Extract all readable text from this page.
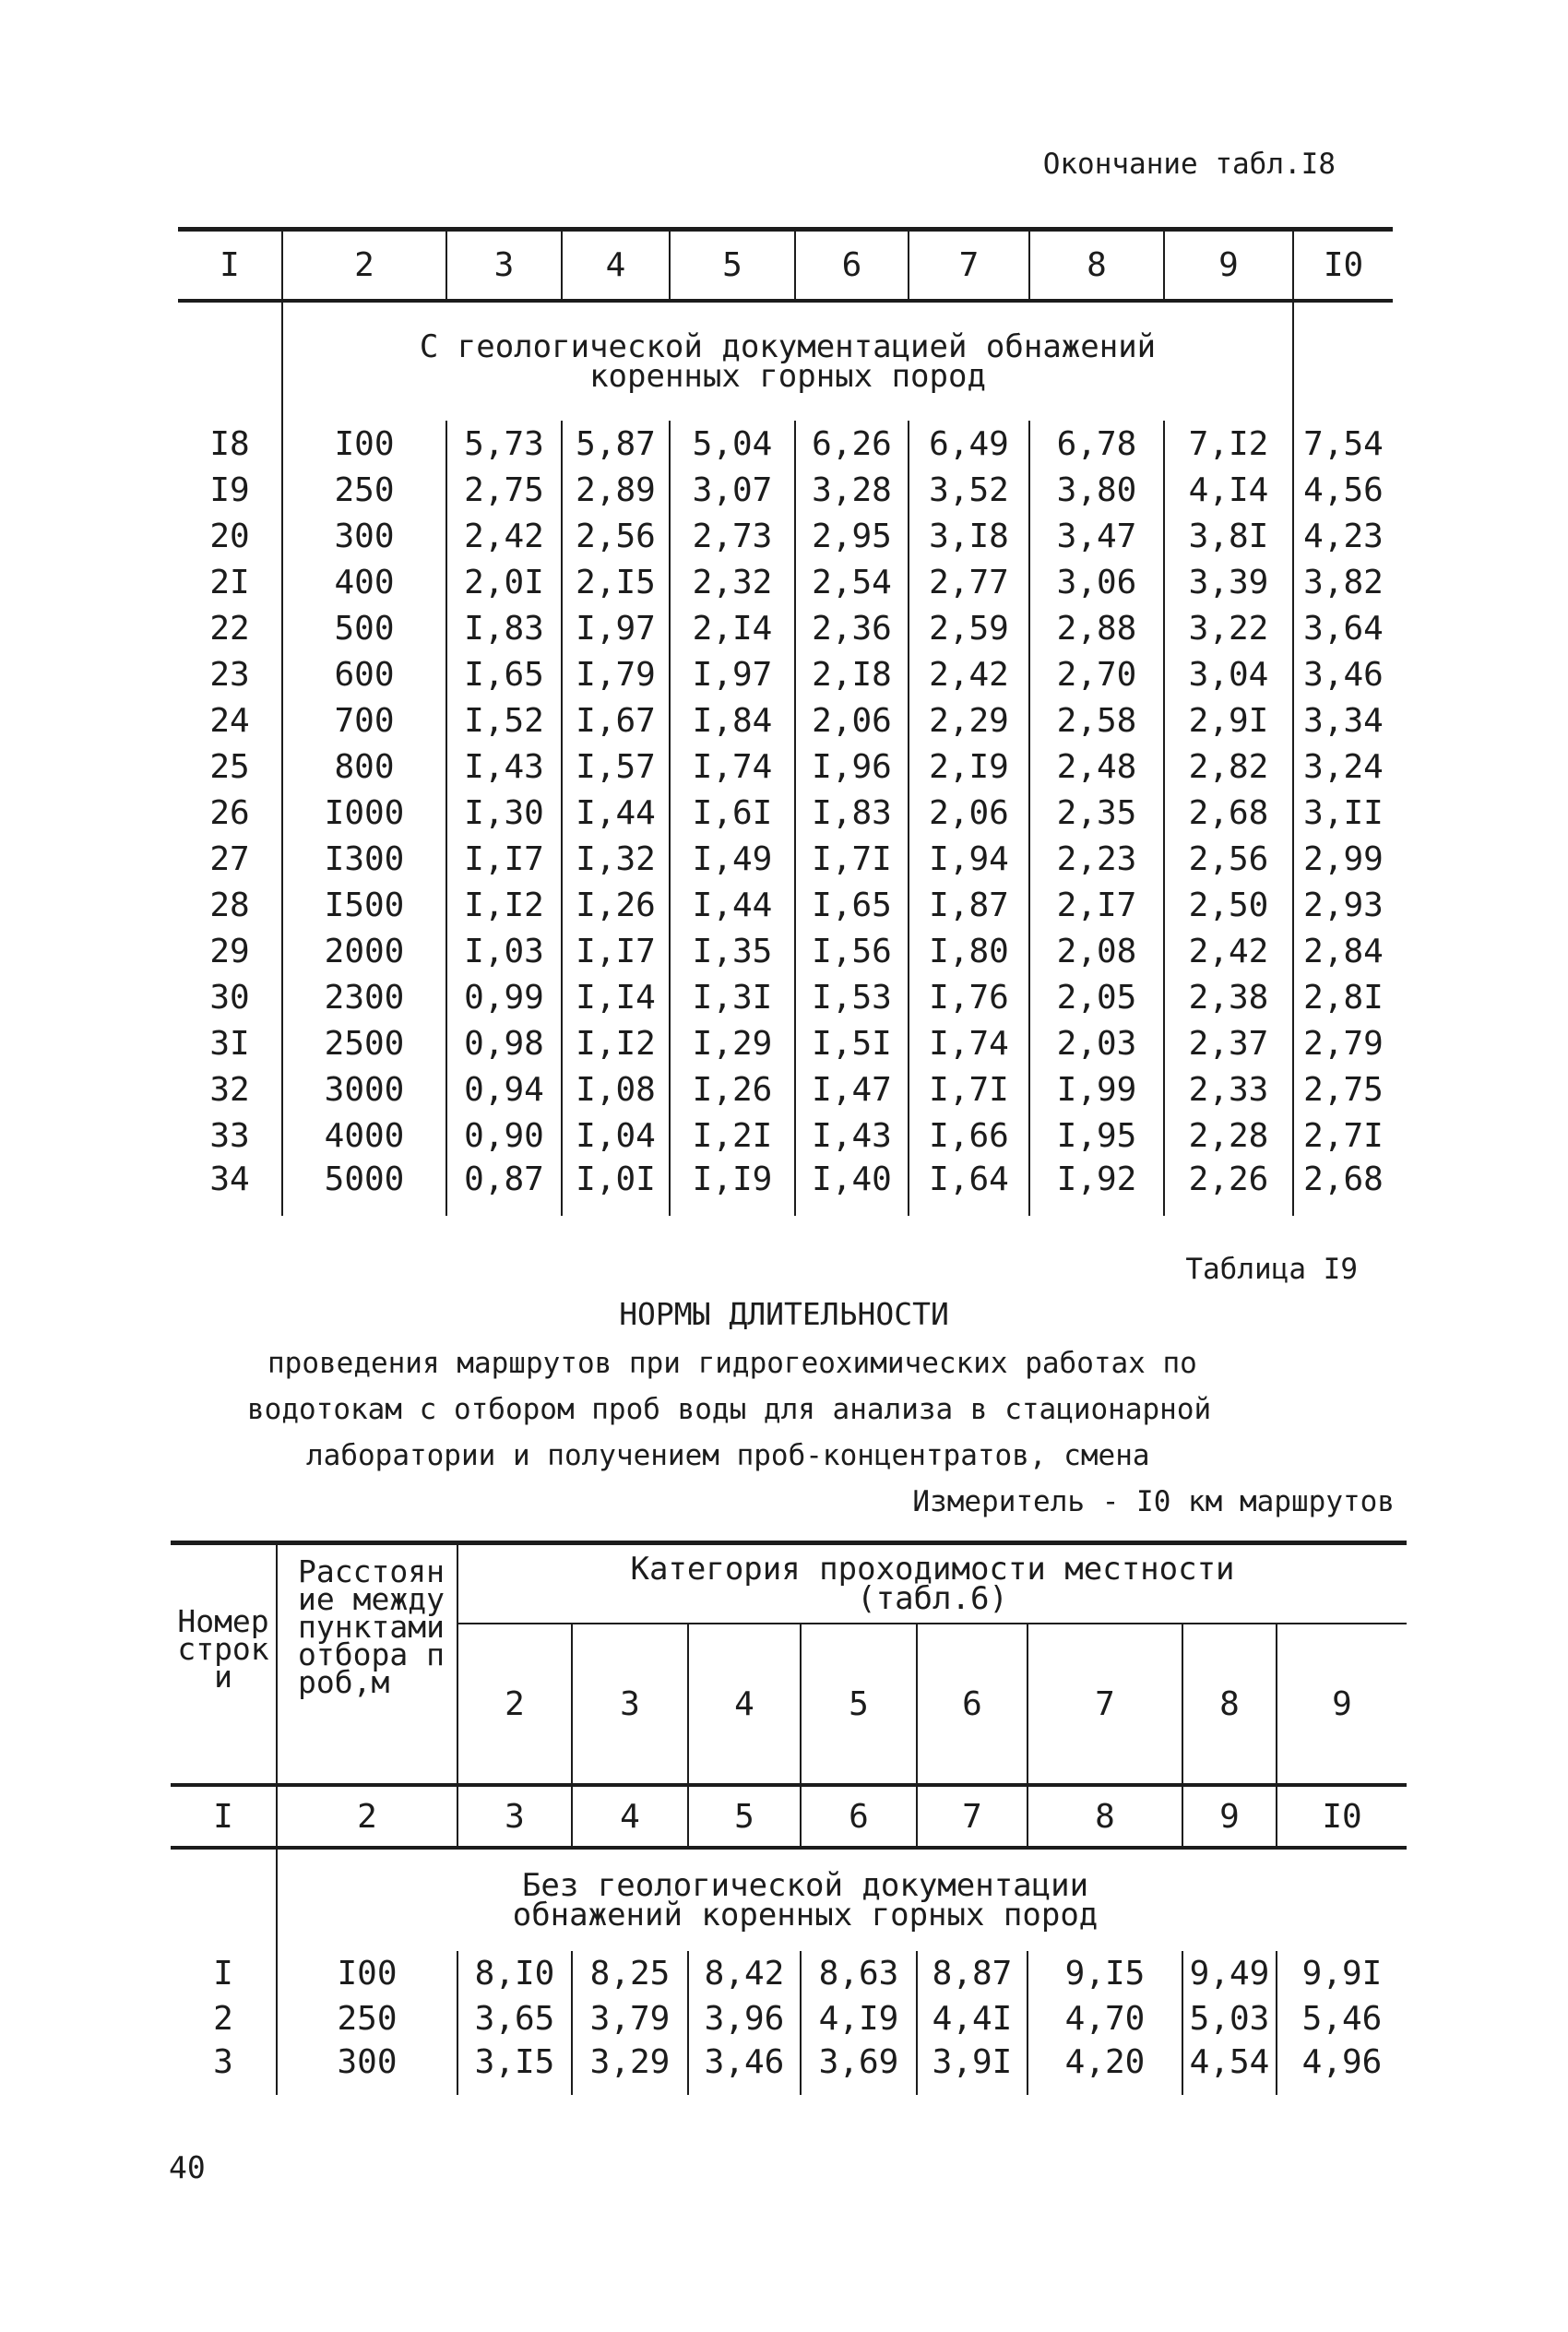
Окончание табл.I8
I	2	3	4	5	6	7	8	9	I0
	С геологической документацией обнажений коренных горных пород								
I8	I00	5,73	5,87	5,04	6,26	6,49	6,78	7,I2	7,54
I9	250	2,75	2,89	3,07	3,28	3,52	3,80	4,I4	4,56
20	300	2,42	2,56	2,73	2,95	3,I8	3,47	3,8I	4,23
2I	400	2,0I	2,I5	2,32	2,54	2,77	3,06	3,39	3,82
22	500	I,83	I,97	2,I4	2,36	2,59	2,88	3,22	3,64
23	600	I,65	I,79	I,97	2,I8	2,42	2,70	3,04	3,46
24	700	I,52	I,67	I,84	2,06	2,29	2,58	2,9I	3,34
25	800	I,43	I,57	I,74	I,96	2,I9	2,48	2,82	3,24
26	I000	I,30	I,44	I,6I	I,83	2,06	2,35	2,68	3,II
27	I300	I,I7	I,32	I,49	I,7I	I,94	2,23	2,56	2,99
28	I500	I,I2	I,26	I,44	I,65	I,87	2,I7	2,50	2,93
29	2000	I,03	I,I7	I,35	I,56	I,80	2,08	2,42	2,84
30	2300	0,99	I,I4	I,3I	I,53	I,76	2,05	2,38	2,8I
3I	2500	0,98	I,I2	I,29	I,5I	I,74	2,03	2,37	2,79
32	3000	0,94	I,08	I,26	I,47	I,7I	I,99	2,33	2,75
33	4000	0,90	I,04	I,2I	I,43	I,66	I,95	2,28	2,7I
34	5000	0,87	I,0I	I,I9	I,40	I,64	I,92	2,26	2,68
Таблица I9
НОРМЫ ДЛИТЕЛЬНОСТИ
проведения маршрутов при гидрогеохимических работах по
водотокам с отбором проб воды для анализа в стационарной
лаборатории и получением проб-концентратов, смена
Измеритель - I0 км маршрутов
Номер строки	Расстояние между пунктами отбора проб,м	Категория проходимости местности (табл.6)							
		2	3	4	5	6	7	8	9
I	2	3	4	5	6	7	8	9	I0
	Без геологической документации обнажений коренных горных пород								
I	I00	8,I0	8,25	8,42	8,63	8,87	9,I5	9,49	9,9I
2	250	3,65	3,79	3,96	4,I9	4,4I	4,70	5,03	5,46
3	300	3,I5	3,29	3,46	3,69	3,9I	4,20	4,54	4,96
40
